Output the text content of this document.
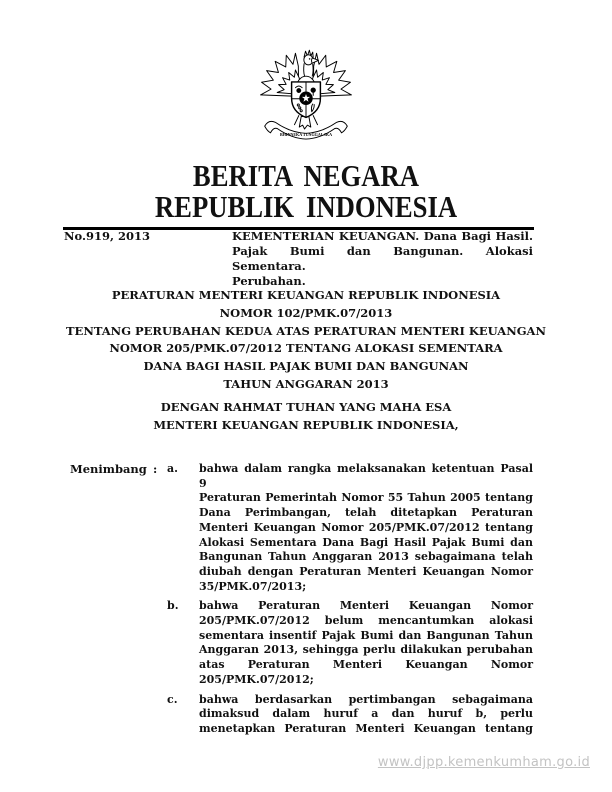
BHINNEKA TUNGGAL IKA
BERITA NEGARA
REPUBLIK INDONESIA
No.919, 2013	KEMENTERIAN KEUANGAN. Dana Bagi Hasil.
Pajak Bumi dan Bangunan. Alokasi Sementara.
Perubahan.
PERATURAN MENTERI KEUANGAN REPUBLIK INDONESIA
NOMOR 102/PMK.07/2013
TENTANG PERUBAHAN KEDUA ATAS PERATURAN MENTERI KEUANGAN
NOMOR 205/PMK.07/2012 TENTANG ALOKASI SEMENTARA
DANA BAGI HASIL PAJAK BUMI DAN BANGUNAN
TAHUN ANGGARAN 2013
DENGAN RAHMAT TUHAN YANG MAHA ESA
MENTERI KEUANGAN REPUBLIK INDONESIA,
Menimbang : a. bahwa dalam rangka melaksanakan ketentuan Pasal 9
Peraturan Pemerintah Nomor 55 Tahun 2005 tentang
Dana Perimbangan, telah ditetapkan Peraturan
Menteri Keuangan Nomor 205/PMK.07/2012 tentang
Alokasi Sementara Dana Bagi Hasil Pajak Bumi dan
Bangunan Tahun Anggaran 2013 sebagaimana telah
diubah dengan Peraturan Menteri Keuangan Nomor
35/PMK.07/2013;
b. bahwa Peraturan Menteri Keuangan Nomor
205/PMK.07/2012 belum mencantumkan alokasi
sementara insentif Pajak Bumi dan Bangunan Tahun
Anggaran 2013, sehingga perlu dilakukan perubahan
atas Peraturan Menteri Keuangan Nomor
205/PMK.07/2012;
c. bahwa berdasarkan pertimbangan sebagaimana
dimaksud dalam huruf a dan huruf b, perlu
menetapkan Peraturan Menteri Keuangan tentang
www.djpp.kemenkumham.go.id
